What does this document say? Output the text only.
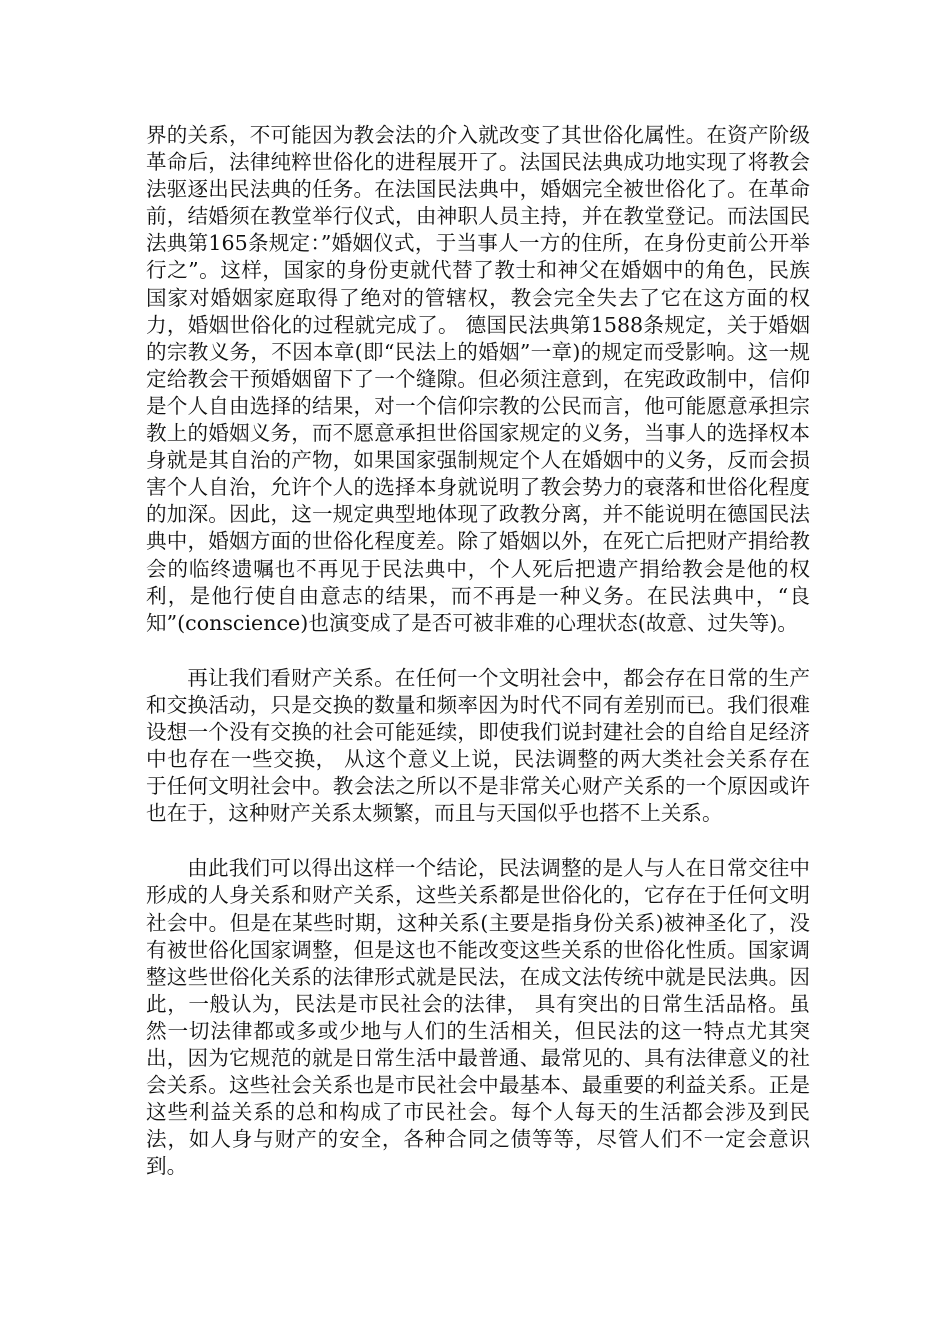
界的关系，不可能因为教会法的介入就改变了其世俗化属性。在资产阶级革命后，法律纯粹世俗化的进程展开了。法国民法典成功地实现了将教会法驱逐出民法典的任务。在法国民法典中，婚姻完全被世俗化了。在革命前，结婚须在教堂举行仪式，由神职人员主持，并在教堂登记。而法国民法典第165条规定：”婚姻仪式，于当事人一方的住所，在身份吏前公开举行之”。这样，国家的身份吏就代替了教士和神父在婚姻中的角色，民族国家对婚姻家庭取得了绝对的管辖权，教会完全失去了它在这方面的权力，婚姻世俗化的过程就完成了。 德国民法典第1588条规定，关于婚姻的宗教义务，不因本章(即“民法上的婚姻”一章)的规定而受影响。这一规定给教会干预婚姻留下了一个缝隙。但必须注意到，在宪政政制中，信仰是个人自由选择的结果，对一个信仰宗教的公民而言，他可能愿意承担宗教上的婚姻义务，而不愿意承担世俗国家规定的义务，当事人的选择权本身就是其自治的产物，如果国家强制规定个人在婚姻中的义务，反而会损害个人自治，允许个人的选择本身就说明了教会势力的衰落和世俗化程度的加深。因此，这一规定典型地体现了政教分离，并不能说明在德国民法典中，婚姻方面的世俗化程度差。除了婚姻以外，在死亡后把财产捐给教会的临终遗嘱也不再见于民法典中，个人死后把遗产捐给教会是他的权利，是他行使自由意志的结果，而不再是一种义务。在民法典中，“良知”(conscience)也演变成了是否可被非难的心理状态(故意、过失等)。

再让我们看财产关系。在任何一个文明社会中，都会存在日常的生产和交换活动，只是交换的数量和频率因为时代不同有差别而已。我们很难设想一个没有交换的社会可能延续，即使我们说封建社会的自给自足经济中也存在一些交换， 从这个意义上说，民法调整的两大类社会关系存在于任何文明社会中。教会法之所以不是非常关心财产关系的一个原因或许也在于，这种财产关系太频繁，而且与天国似乎也搭不上关系。

由此我们可以得出这样一个结论，民法调整的是人与人在日常交往中形成的人身关系和财产关系，这些关系都是世俗化的，它存在于任何文明社会中。但是在某些时期，这种关系(主要是指身份关系)被神圣化了，没有被世俗化国家调整，但是这也不能改变这些关系的世俗化性质。国家调整这些世俗化关系的法律形式就是民法，在成文法传统中就是民法典。因此，一般认为，民法是市民社会的法律， 具有突出的日常生活品格。虽然一切法律都或多或少地与人们的生活相关，但民法的这一特点尤其突出，因为它规范的就是日常生活中最普通、最常见的、具有法律意义的社会关系。这些社会关系也是市民社会中最基本、最重要的利益关系。正是这些利益关系的总和构成了市民社会。每个人每天的生活都会涉及到民法，如人身与财产的安全，各种合同之债等等，尽管人们不一定会意识到。
